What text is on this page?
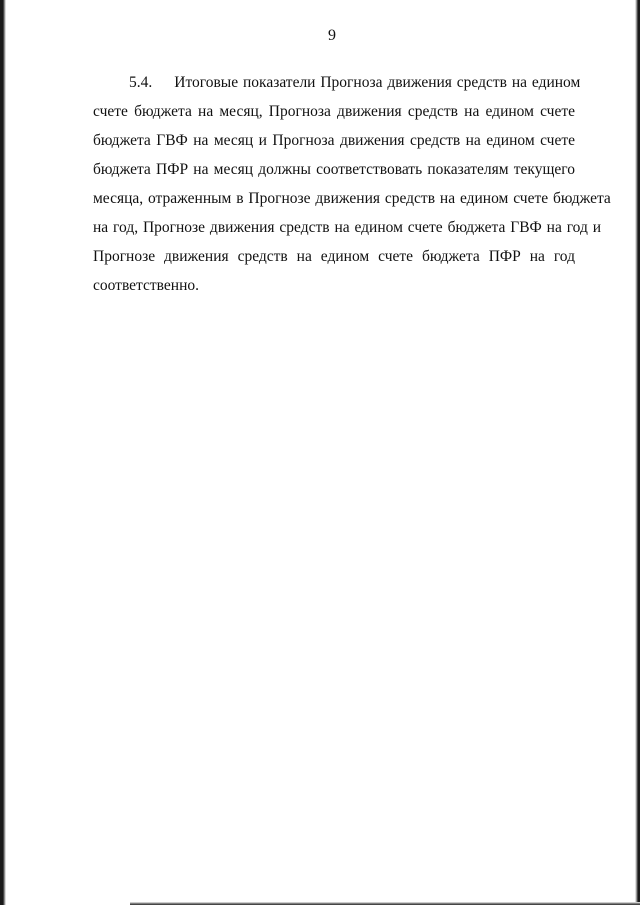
9
5.4. Итоговые показатели Прогноза движения средств на едином
счете бюджета на месяц, Прогноза движения средств на едином счете
бюджета ГВФ на месяц и Прогноза движения средств на едином счете
бюджета ПФР на месяц должны соответствовать показателям текущего
месяца, отраженным в Прогнозе движения средств на едином счете бюджета
на год, Прогнозе движения средств на едином счете бюджета ГВФ на год и
Прогнозе движения средств на едином счете бюджета ПФР на год
соответственно.
